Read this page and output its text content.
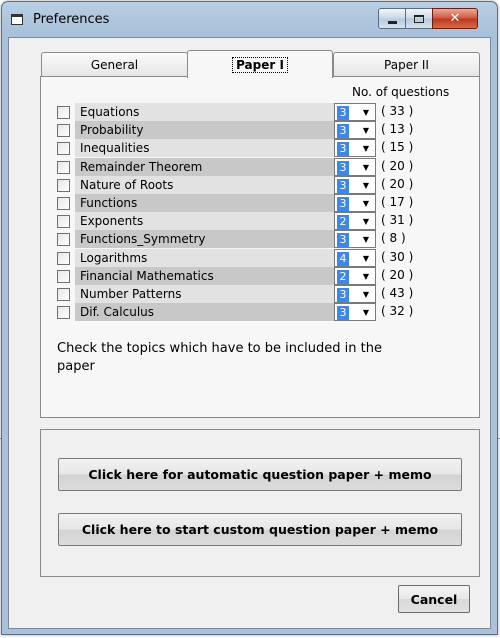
Preferences	✕
General	Paper I	Paper II
No. of questions
Equations	3	▼ ( 33 )
Probability	3	▼ ( 13 )
Inequalities	3	▼ ( 15 )
Remainder Theorem	3	▼ ( 20 )
Nature of Roots	3	▼ ( 20 )
Functions	3	▼ ( 17 )
Exponents	2	▼ ( 31 )
Functions_Symmetry	3	▼ ( 8 )
Logarithms	4	▼ ( 30 )
Financial Mathematics	2	▼ ( 20 )
Number Patterns	3	▼ ( 43 )
Dif. Calculus	3	▼ ( 32 )
Check the topics which have to be included in the paper
Click here for automatic question paper + memo
Click here to start custom question paper + memo
Cancel
